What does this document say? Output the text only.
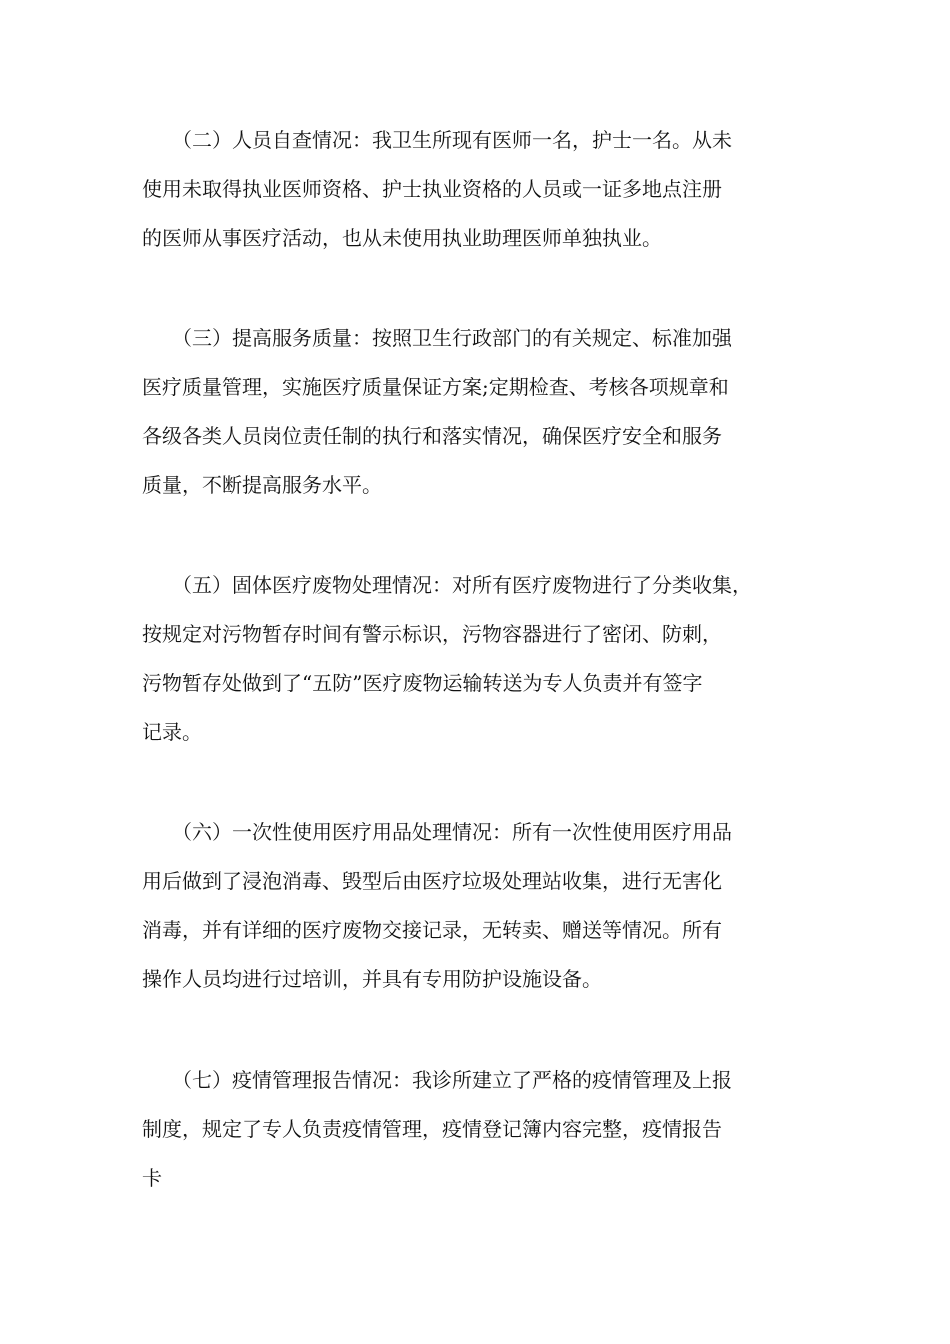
（二）人员自查情况：我卫生所现有医师一名，护士一名。从未
使用未取得执业医师资格、护士执业资格的人员或一证多地点注册
的医师从事医疗活动，也从未使用执业助理医师单独执业。
（三）提高服务质量：按照卫生行政部门的有关规定、标准加强
医疗质量管理，实施医疗质量保证方案;定期检查、考核各项规章和
各级各类人员岗位责任制的执行和落实情况，确保医疗安全和服务
质量，不断提高服务水平。
（五）固体医疗废物处理情况：对所有医疗废物进行了分类收集，
按规定对污物暂存时间有警示标识，污物容器进行了密闭、防刺，
污物暂存处做到了“五防”医疗废物运输转送为专人负责并有签字
记录。
（六）一次性使用医疗用品处理情况：所有一次性使用医疗用品
用后做到了浸泡消毒、毁型后由医疗垃圾处理站收集，进行无害化
消毒，并有详细的医疗废物交接记录，无转卖、赠送等情况。所有
操作人员均进行过培训，并具有专用防护设施设备。
（七）疫情管理报告情况：我诊所建立了严格的疫情管理及上报
制度，规定了专人负责疫情管理，疫情登记簿内容完整，疫情报告
卡
